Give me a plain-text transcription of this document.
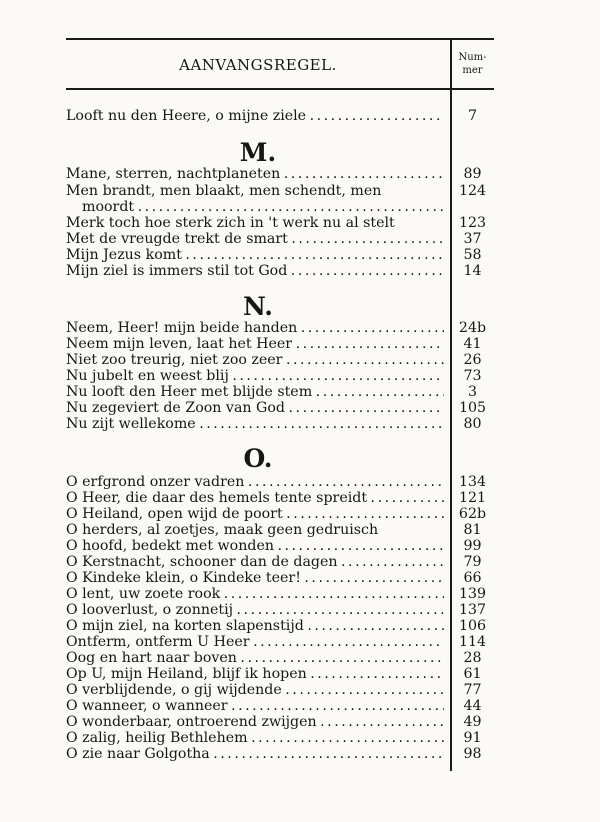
AANVANGSREGEL.	Num-
mer
Looft nu den Heere, o mijne ziele . . .	7
M.
Mane, sterren, nachtplaneten . . .	89
Men brandt, men blaakt, men schendt, men	124
moordt . . .
Merk toch hoe sterk zich in 't werk nu al stelt	123
Met de vreugde trekt de smart . . .	37
Mijn Jezus komt . . .	58
Mijn ziel is immers stil tot God . . .	14
N.
Neem, Heer! mijn beide handen . . .	24b
Neem mijn leven, laat het Heer . . .	41
Niet zoo treurig, niet zoo zeer . . .	26
Nu jubelt en weest blij . . .	73
Nu looft den Heer met blijde stem . . .	3
Nu zegeviert de Zoon van God . . .	105
Nu zijt wellekome . . .	80
O.
O erfgrond onzer vadren . . .	134
O Heer, die daar des hemels tente spreidt . . .	121
O Heiland, open wijd de poort . . .	62b
O herders, al zoetjes, maak geen gedruisch	81
O hoofd, bedekt met wonden . . .	99
O Kerstnacht, schooner dan de dagen . . .	79
O Kindeke klein, o Kindeke teer! . . .	66
O lent, uw zoete rook . . .	139
O looverlust, o zonnetij . . .	137
O mijn ziel, na korten slapenstijd . . .	106
Ontferm, ontferm U Heer . . .	114
Oog en hart naar boven . . .	28
Op U, mijn Heiland, blijf ik hopen . . .	61
O verblijdende, o gij wijdende . . .	77
O wanneer, o wanneer . . .	44
O wonderbaar, ontroerend zwijgen . . .	49
O zalig, heilig Bethlehem . . .	91
O zie naar Golgotha . . .	98
